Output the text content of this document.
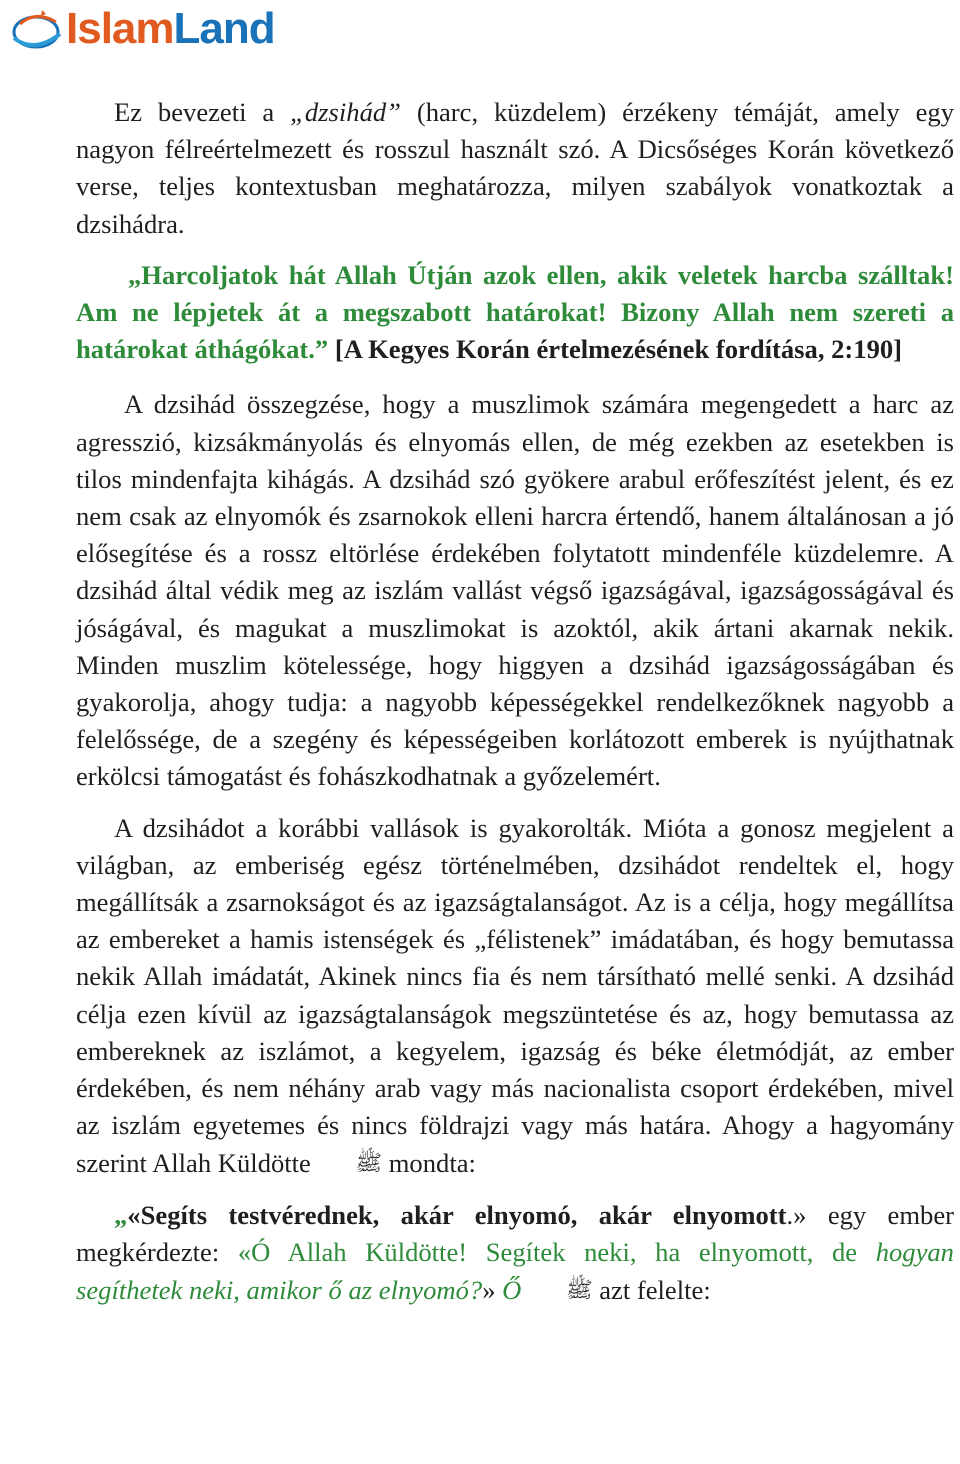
IslamLand

Ez bevezeti a „dzsihád” (harc, küzdelem) érzékeny témáját, amely egy nagyon félreértelmezett és rosszul használt szó. A Dicsőséges Korán következő verse, teljes kontextusban meghatározza, milyen szabályok vonatkoztak a dzsihádra.

„Harcoljatok hát Allah Útján azok ellen, akik veletek harcba szálltak! Am ne lépjetek át a megszabott határokat! Bizony Allah nem szereti a határokat áthágókat.” [A Kegyes Korán értelmezésének fordítása, 2:190]

A dzsihád összegzése, hogy a muszlimok számára megengedett a harc az agresszió, kizsákmányolás és elnyomás ellen, de még ezekben az esetekben is tilos mindenfajta kihágás. A dzsihád szó gyökere arabul erőfeszítést jelent, és ez nem csak az elnyomók és zsarnokok elleni harcra értendő, hanem általánosan a jó elősegítése és a rossz eltörlése érdekében folytatott mindenféle küzdelemre. A dzsihád által védik meg az iszlám vallást végső igazságával, igazságosságával és jóságával, és magukat a muszlimokat is azoktól, akik ártani akarnak nekik. Minden muszlim kötelessége, hogy higgyen a dzsihád igazságosságában és gyakorolja, ahogy tudja: a nagyobb képességekkel rendelkezőknek nagyobb a felelőssége, de a szegény és képességeiben korlátozott emberek is nyújthatnak erkölcsi támogatást és fohászkodhatnak a győzelemért.

A dzsihádot a korábbi vallások is gyakorolták. Mióta a gonosz megjelent a világban, az emberiség egész történelmében, dzsihádot rendeltek el, hogy megállítsák a zsarnokságot és az igazságtalanságot. Az is a célja, hogy megállítsa az embereket a hamis istenségek és „félistenek” imádatában, és hogy bemutassa nekik Allah imádatát, Akinek nincs fia és nem társítható mellé senki. A dzsihád célja ezen kívül az igazságtalanságok megszüntetése és az, hogy bemutassa az embereknek az iszlámot, a kegyelem, igazság és béke életmódját, az ember érdekében, és nem néhány arab vagy más nacionalista csoport érdekében, mivel az iszlám egyetemes és nincs földrajzi vagy más határa. Ahogy a hagyomány szerint Allah Küldötte ﷺ mondta:

„«Segíts testvérednek, akár elnyomó, akár elnyomott.» egy ember megkérdezte: «Ó Allah Küldötte! Segítek neki, ha elnyomott, de hogyan segíthetek neki, amikor ő az elnyomó?» Ő ﷺ azt felelte:
